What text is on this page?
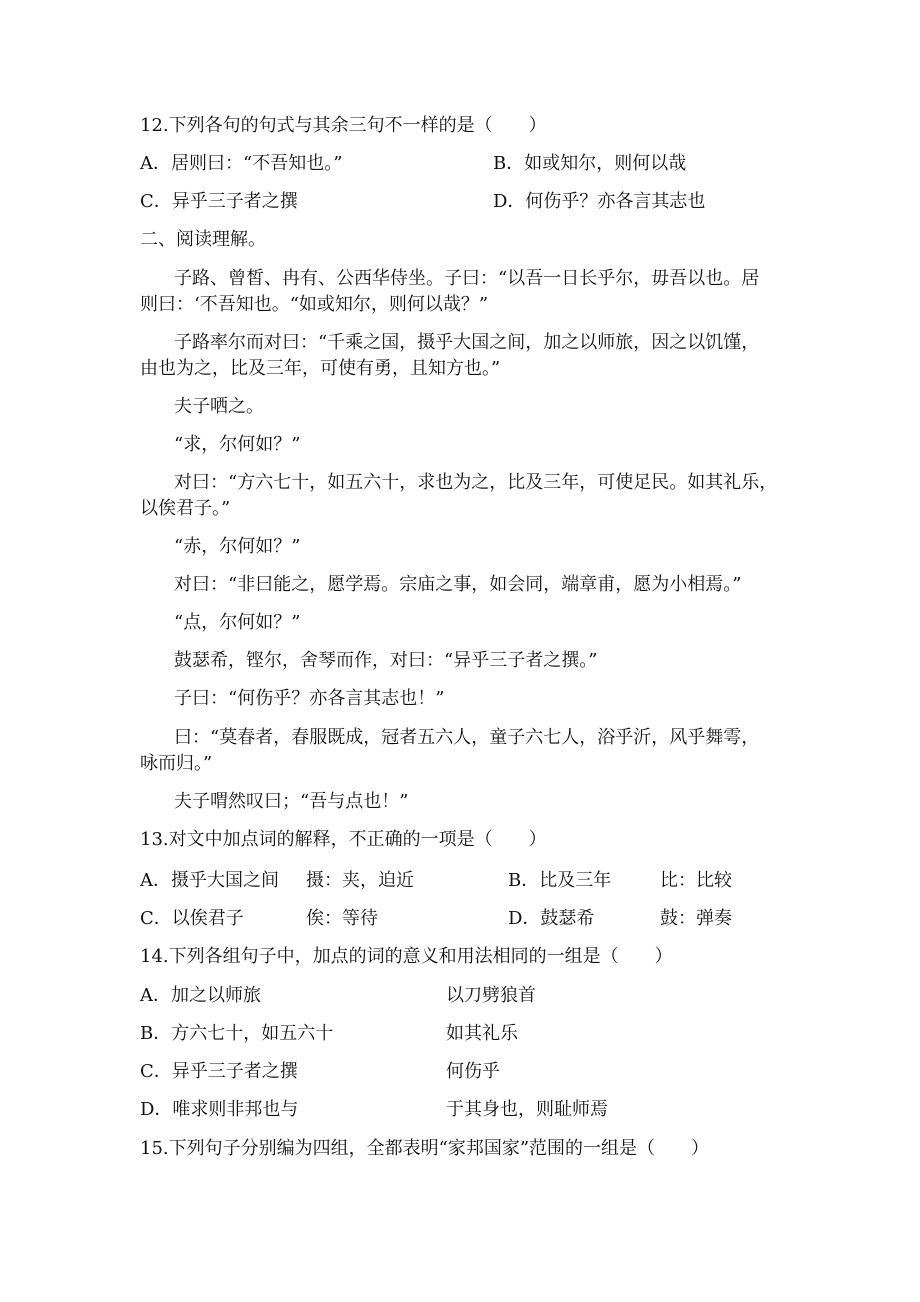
12.下列各句的句式与其余三句不一样的是（　　）
A．居则曰：“不吾知也。”	B．如或知尔，则何以哉
C．异乎三子者之撰	D．何伤乎？亦各言其志也
二、阅读理解。
子路、曾皙、冉有、公西华侍坐。子曰：“以吾一日长乎尔，毋吾以也。居
则曰：‘不吾知也。“如或知尔，则何以哉？”
子路率尔而对曰：“千乘之国，摄乎大国之间，加之以师旅，因之以饥馑，
由也为之，比及三年，可使有勇，且知方也。”
夫子哂之。
“求，尔何如？”
对曰：“方六七十，如五六十，求也为之，比及三年，可使足民。如其礼乐，
以俟君子。”
“赤，尔何如？”
对曰：“非曰能之，愿学焉。宗庙之事，如会同，端章甫，愿为小相焉。”
“点，尔何如？”
鼓瑟希，铿尔，舍琴而作，对曰：“异乎三子者之撰。”
子曰：“何伤乎？亦各言其志也！”
曰：“莫春者，春服既成，冠者五六人，童子六七人，浴乎沂，风乎舞雩，
咏而归。”
夫子喟然叹曰；“吾与点也！”
13.对文中加点词的解释，不正确的一项是（　　）
A．摄乎大国之间 摄：夹，迫近	B．比及三年	比：比较
C．以俟君子	俟：等待	D．鼓瑟希	鼓：弹奏
14.下列各组句子中，加点的词的意义和用法相同的一组是（　　）
A．加之以师旅	以刀劈狼首
B．方六七十，如五六十	如其礼乐
C．异乎三子者之撰	何伤乎
D．唯求则非邦也与	于其身也，则耻师焉
15.下列句子分别编为四组，全都表明“家邦国家”范围的一组是（　　）
